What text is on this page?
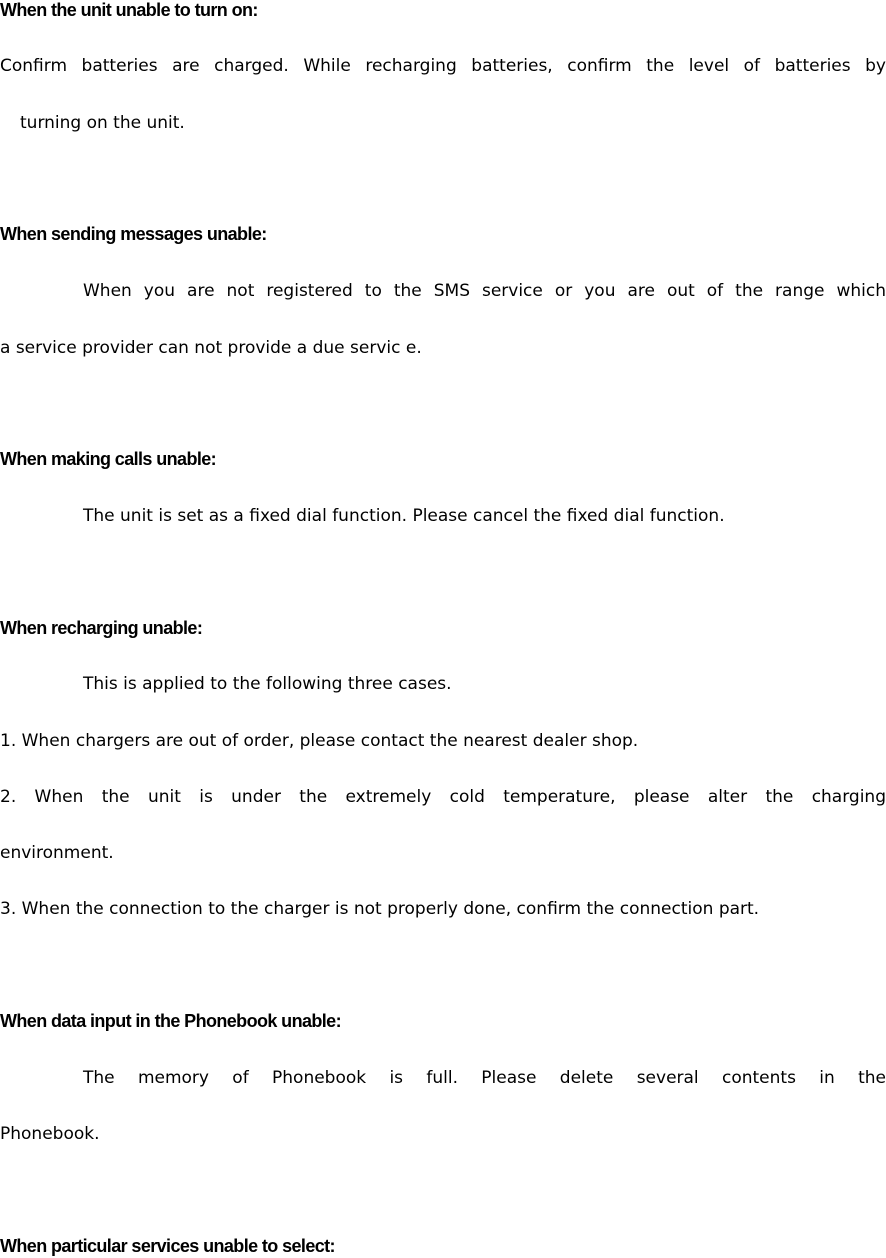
When the unit unable to turn on:

Confirm batteries are charged. While recharging batteries, confirm the level of batteries by

turning on the unit.

When sending messages unable:

When you are not registered to the SMS service or you are out of the range which

a service provider can not provide a due servic e.

When making calls unable:

The unit is set as a fixed dial function. Please cancel the fixed dial function.

When recharging unable:

This is applied to the following three cases.

1. When chargers are out of order, please contact the nearest dealer shop.

2. When the unit is under the extremely cold temperature, please alter the charging

environment.

3. When the connection to the charger is not properly done, confirm the connection part.

When data input in the Phonebook unable:

The memory of Phonebook is full. Please delete several contents in the

Phonebook.

When particular services unable to select:
